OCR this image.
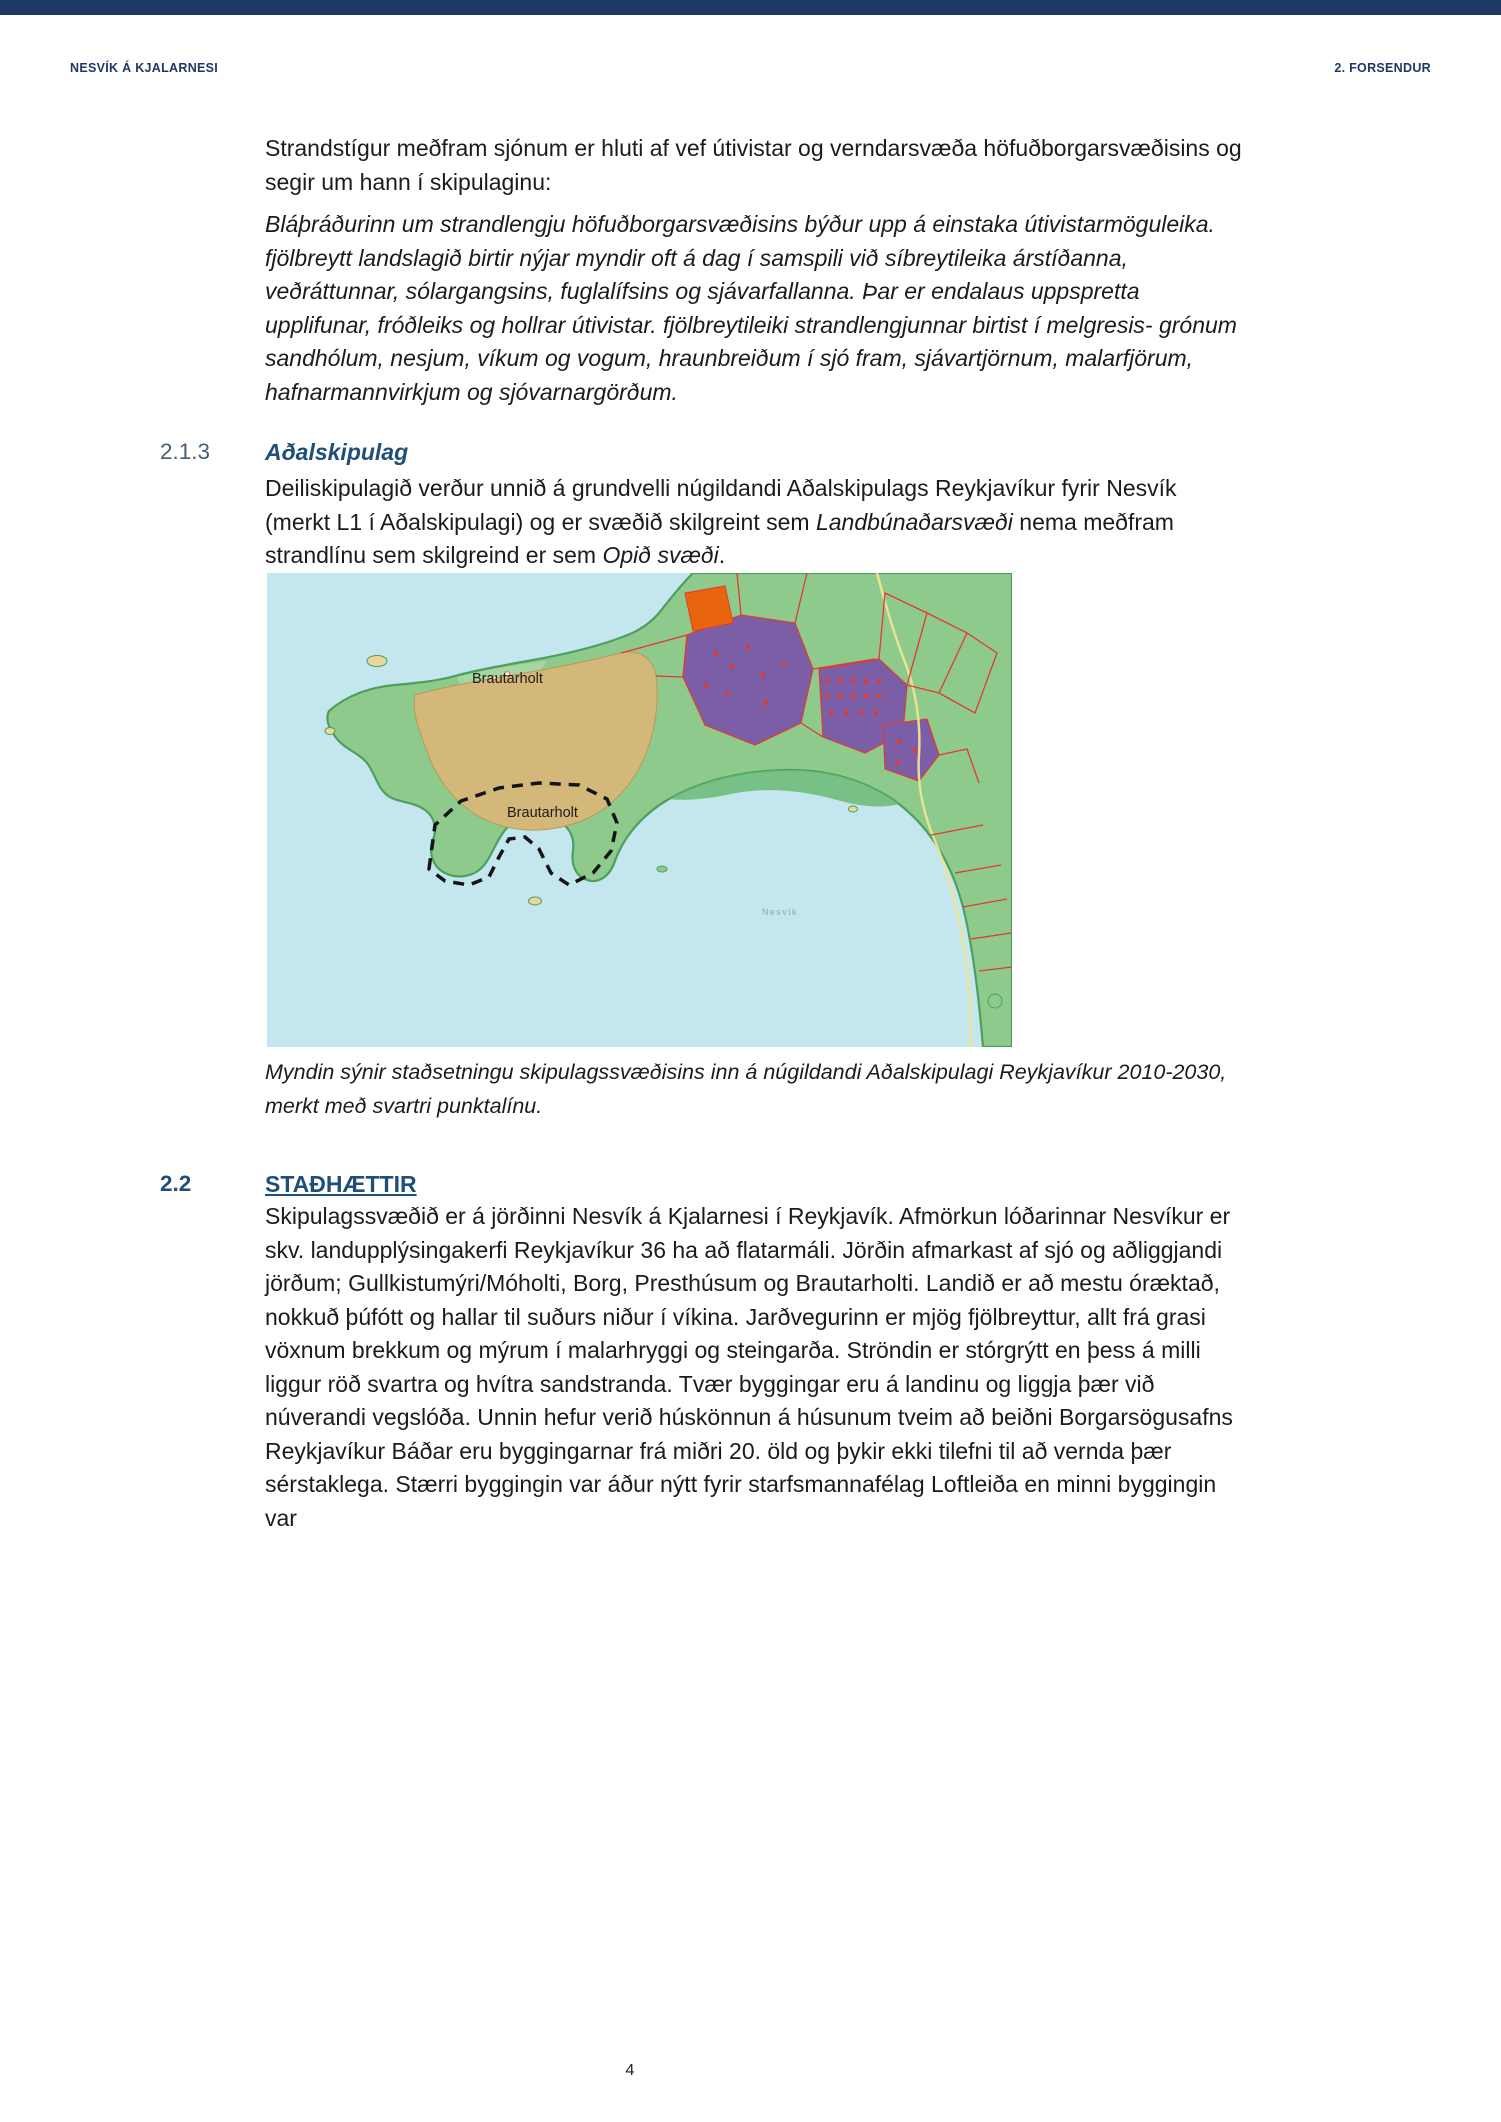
NESVÍK Á KJALARNESI	2. FORSENDUR

Strandstígur meðfram sjónum er hluti af vef útivistar og verndarsvæða höfuðborgarsvæðisins og segir um hann í skipulaginu:

Bláþráðurinn um strandlengju höfuðborgarsvæðisins býður upp á einstaka útivistarmöguleika. fjölbreytt landslagið birtir nýjar myndir oft á dag í samspili við síbreytileika árstíðanna, veðráttunnar, sólargangsins, fuglalífsins og sjávarfallanna. Þar er endalaus uppspretta upplifunar, fróðleiks og hollrar útivistar. fjölbreytileiki strandlengjunnar birtist í melgresis- grónum sandhólum, nesjum, víkum og vogum, hraunbreiðum í sjó fram, sjávartjörnum, malarfjörum, hafnarmannvirkjum og sjóvarnargörðum.

2.1.3 Aðalskipulag

Deiliskipulagið verður unnið á grundvelli núgildandi Aðalskipulags Reykjavíkur fyrir Nesvík (merkt L1 í Aðalskipulagi) og er svæðið skilgreint sem Landbúnaðarsvæði nema meðfram strandlínu sem skilgreind er sem Opið svæði.

Brautarholt
Brautarholt
Nesvík

Myndin sýnir staðsetningu skipulagssvæðisins inn á núgildandi Aðalskipulagi Reykjavíkur 2010-2030, merkt með svartri punktalínu.

2.2	STAÐHÆTTIR

Skipulagssvæðið er á jörðinni Nesvík á Kjalarnesi í Reykjavík. Afmörkun lóðarinnar Nesvíkur er skv. landupplýsingakerfi Reykjavíkur 36 ha að flatarmáli. Jörðin afmarkast af sjó og aðliggjandi jörðum; Gullkistumýri/Móholti, Borg, Presthúsum og Brautarholti. Landið er að mestu óræktað, nokkuð þúfótt og hallar til suðurs niður í víkina. Jarðvegurinn er mjög fjölbreyttur, allt frá grasi vöxnum brekkum og mýrum í malarhryggi og steingarða. Ströndin er stórgrýtt en þess á milli liggur röð svartra og hvítra sandstranda. Tvær byggingar eru á landinu og liggja þær við núverandi vegslóða. Unnin hefur verið húskönnun á húsunum tveim að beiðni Borgarsögusafns Reykjavíkur Báðar eru byggingarnar frá miðri 20. öld og þykir ekki tilefni til að vernda þær sérstaklega. Stærri byggingin var áður nýtt fyrir starfsmannafélag Loftleiða en minni byggingin var

4
